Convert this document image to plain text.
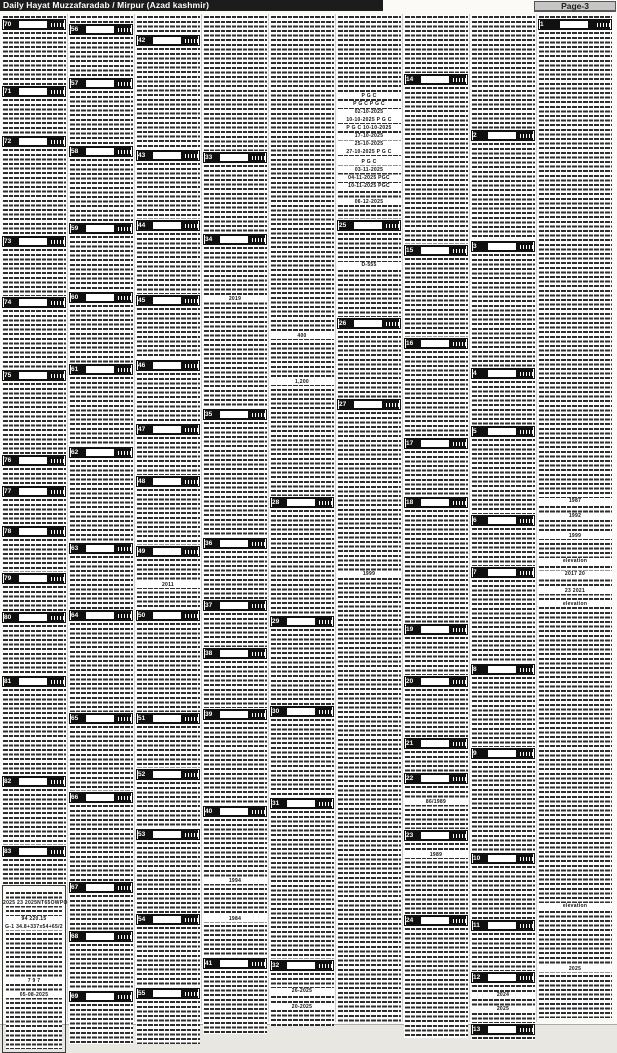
Daily Hayat Muzzafaradab / Mirpur (Azad kashmir)	Page-3
70
71
72
73
74
75
76
77
78
79
80
81
82
83
2025 23 2025NT65OWPO
94 220.15
G-1 34.8+337x54+65/2
7 9 7
05-08-2025
56
57
58
59
60
61
62
63
64
65
66
67
68
69
42
43
44
45
46
47
48
49
2011
50
51
52
53
54
55
33
34
2019
35
36
37
38
39
40
1994
1984
41
400
1,200
28
29
30
31
32
26-2025
20-2025
P G C
P G C P G C
02-10-2025
10-10-2025 P G C
P G C 10-10-2025
17-10-2025
25-10-2025
27-10-2025 P G C
P G C
03-11-2025
04-11-2025 PGC
10-11-2025 PGC
06-12-2025
25
D-555
26
27
1999
14
15
16
17
18
19
20
21
22
86/1989
23
1989
24
2
3
4
5
6
7
8
9
10
11
12
2024
2025
13
1
1987
1992
1999
elevation
2017 20
23 2021
elevation
elevation
2025
